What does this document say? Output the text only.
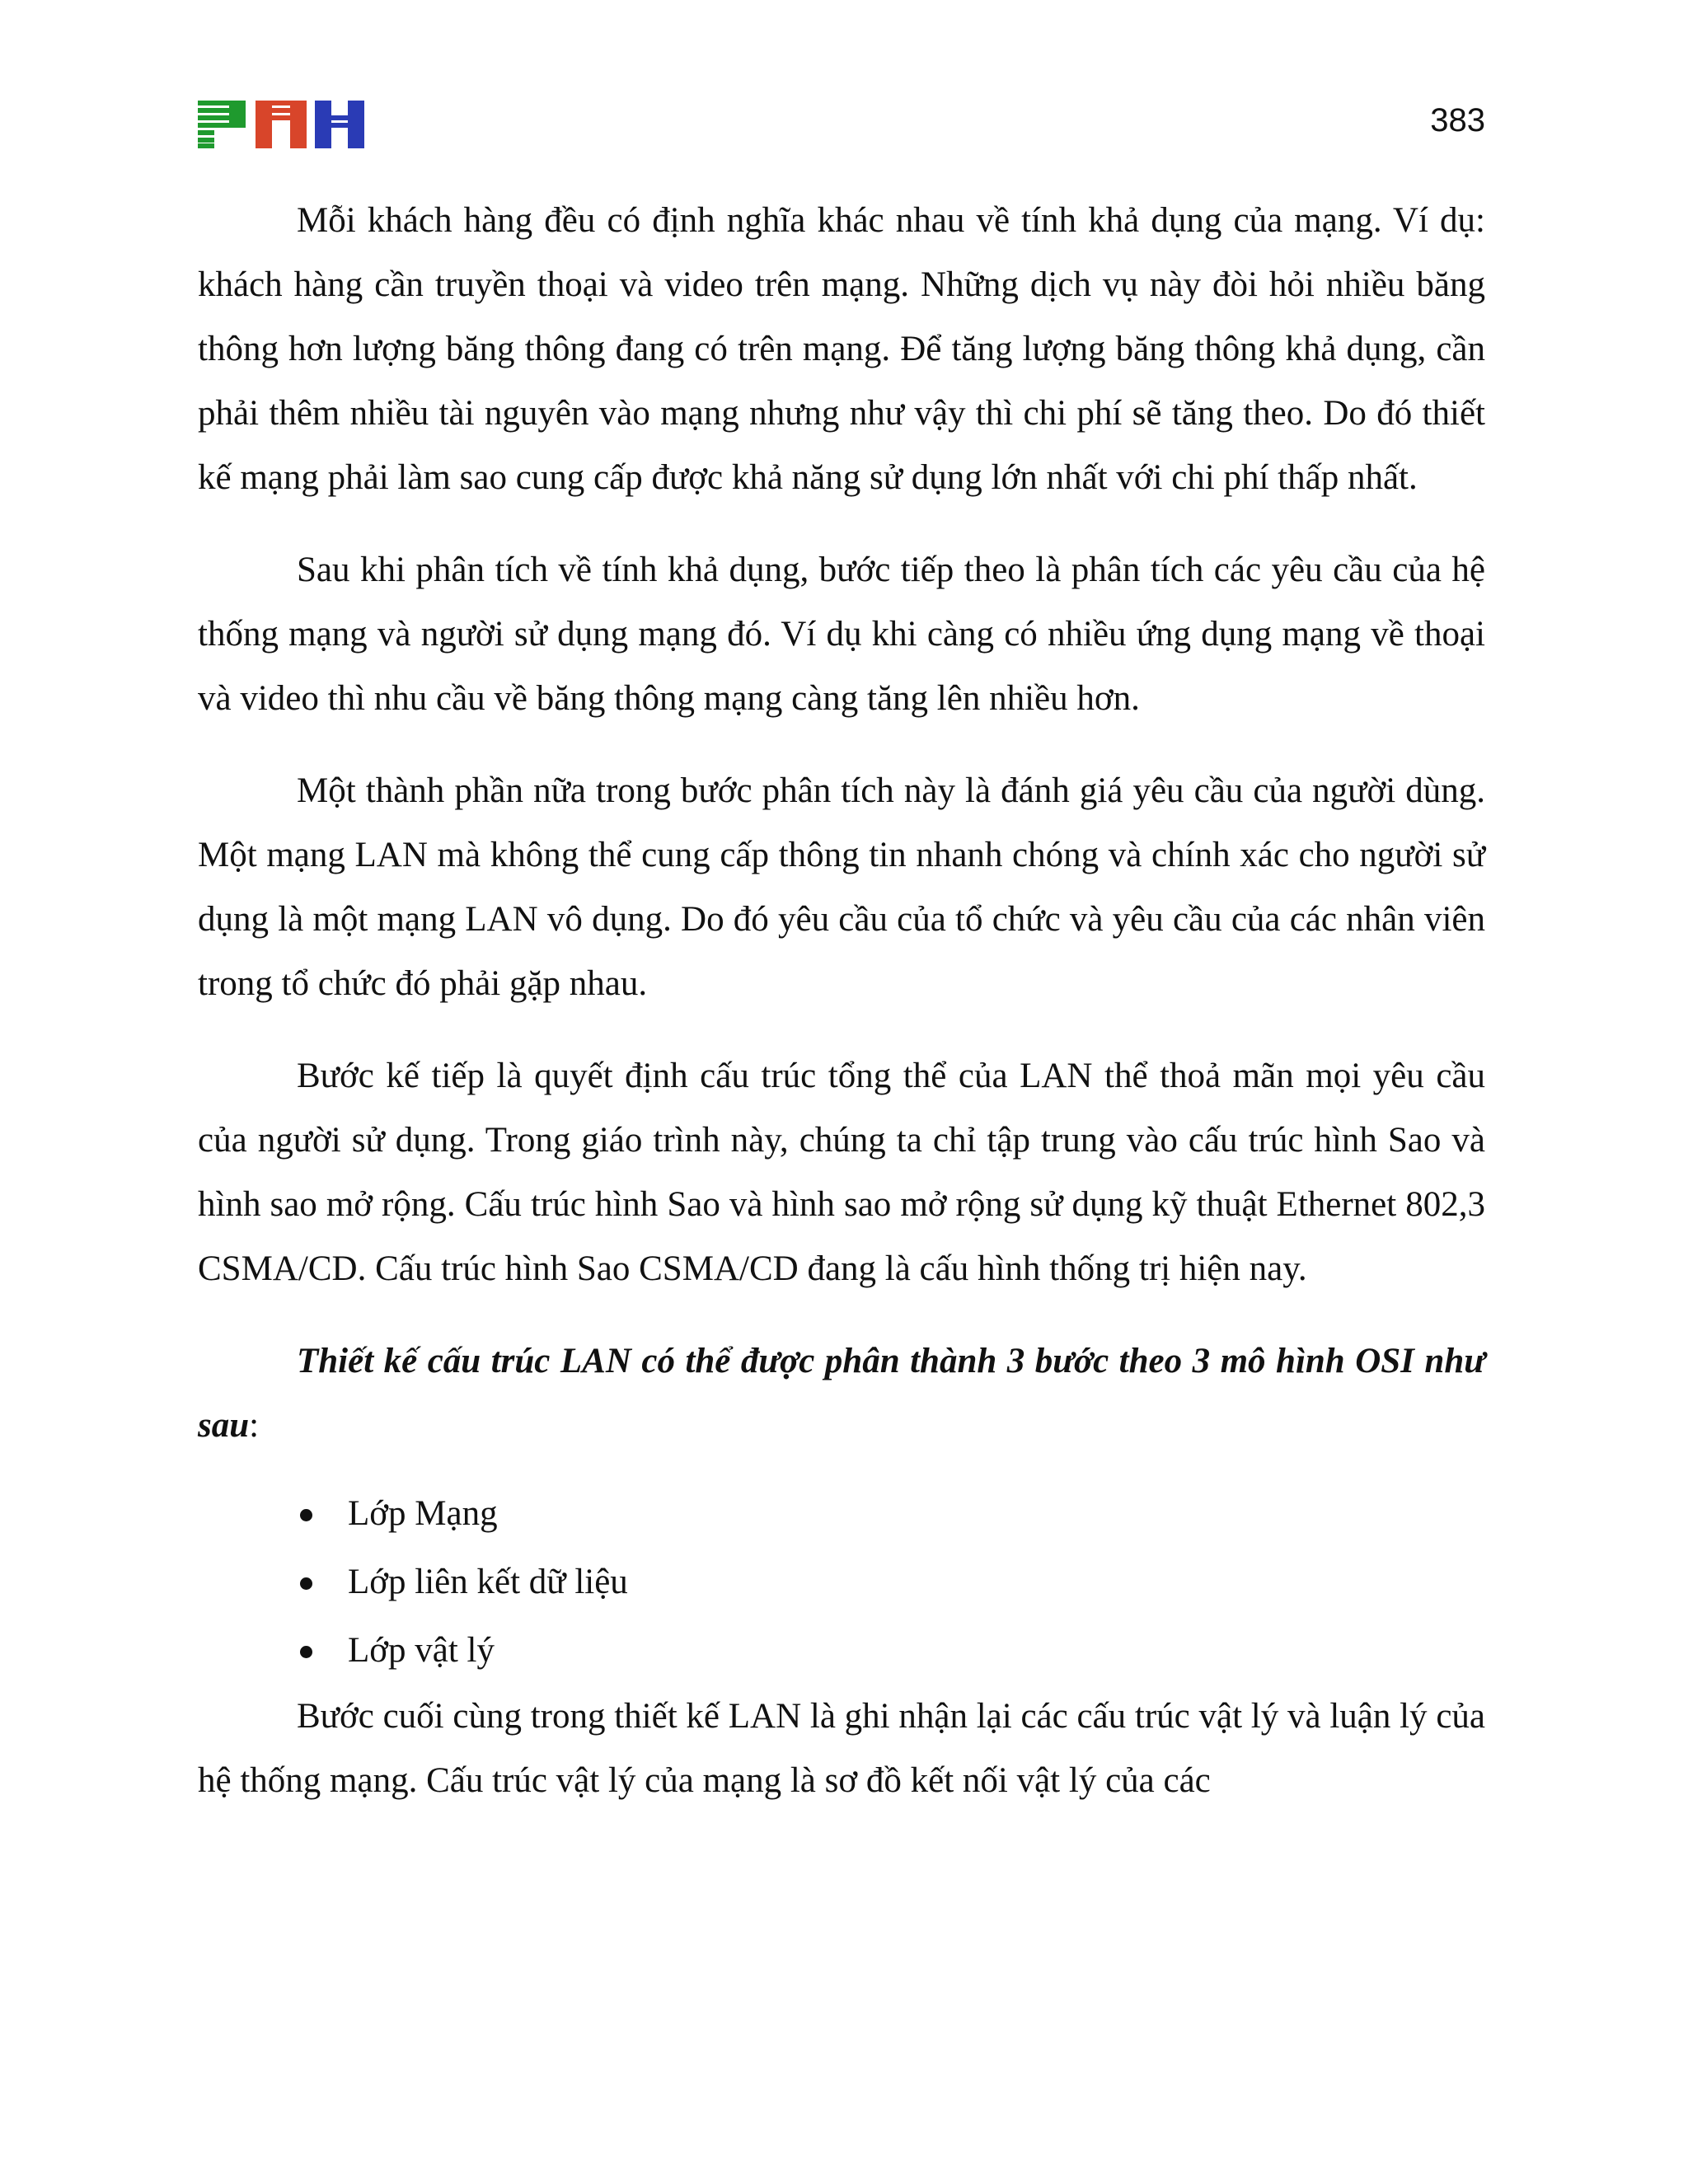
383

Mỗi khách hàng đều có định nghĩa khác nhau về tính khả dụng của mạng. Ví dụ: khách hàng cần truyền thoại và video trên mạng. Những dịch vụ này đòi hỏi nhiều băng thông hơn lượng băng thông đang có trên mạng. Để tăng lượng băng thông khả dụng, cần phải thêm nhiều tài nguyên vào mạng nhưng như vậy thì chi phí sẽ tăng theo. Do đó thiết kế mạng phải làm sao cung cấp được khả năng sử dụng lớn nhất với chi phí thấp nhất.

Sau khi phân tích về tính khả dụng, bước tiếp theo là phân tích các yêu cầu của hệ thống mạng và người sử dụng mạng đó. Ví dụ khi càng có nhiều ứng dụng mạng về thoại và video thì nhu cầu về băng thông mạng càng tăng lên nhiều hơn.

Một thành phần nữa trong bước phân tích này là đánh giá yêu cầu của người dùng. Một mạng LAN mà không thể cung cấp thông tin nhanh chóng và chính xác cho người sử dụng là một mạng LAN vô dụng. Do đó yêu cầu của tổ chức và yêu cầu của các nhân viên trong tổ chức đó phải gặp nhau.

Bước kế tiếp là quyết định cấu trúc tổng thể của LAN thể thoả mãn mọi yêu cầu của người sử dụng. Trong giáo trình này, chúng ta chỉ tập trung vào cấu trúc hình Sao và hình sao mở rộng. Cấu trúc hình Sao và hình sao mở rộng sử dụng kỹ thuật Ethernet 802,3 CSMA/CD. Cấu trúc hình Sao CSMA/CD đang là cấu hình thống trị hiện nay.

Thiết kế cấu trúc LAN có thể được phân thành 3 bước theo 3 mô hình OSI như sau:

Lớp Mạng
Lớp liên kết dữ liệu
Lớp vật lý

Bước cuối cùng trong thiết kế LAN là ghi nhận lại các cấu trúc vật lý và luận lý của hệ thống mạng. Cấu trúc vật lý của mạng là sơ đồ kết nối vật lý của các
